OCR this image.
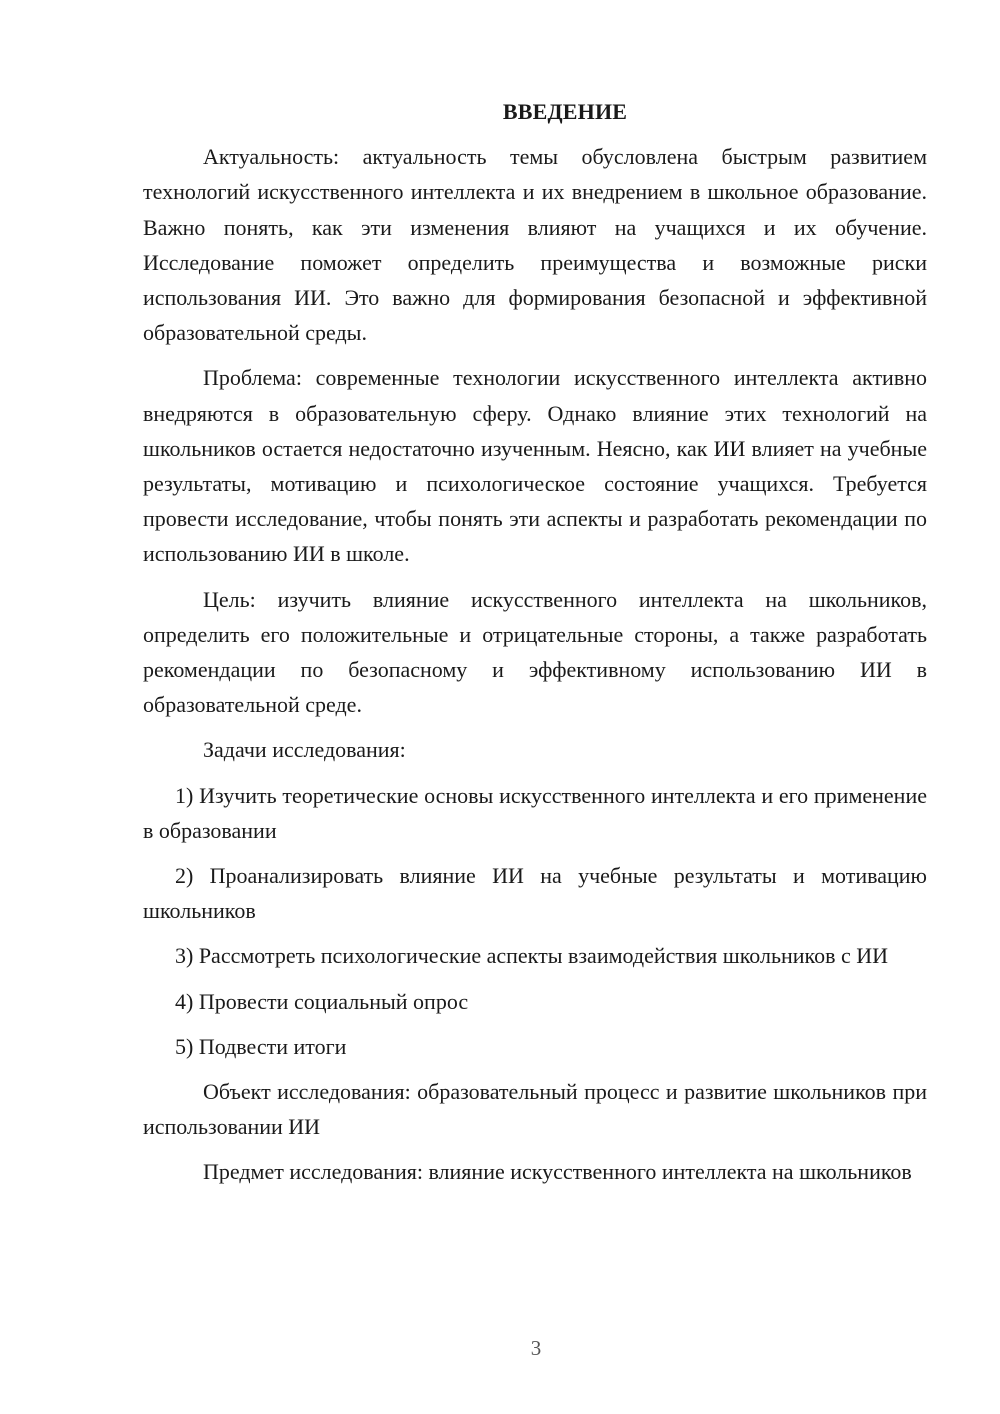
ВВЕДЕНИЕ

Актуальность: актуальность темы обусловлена быстрым развитием технологий искусственного интеллекта и их внедрением в школьное образование. Важно понять, как эти изменения влияют на учащихся и их обучение. Исследование поможет определить преимущества и возможные риски использования ИИ. Это важно для формирования безопасной и эффективной образовательной среды.

Проблема: современные технологии искусственного интеллекта активно внедряются в образовательную сферу. Однако влияние этих технологий на школьников остается недостаточно изученным. Неясно, как ИИ влияет на учебные результаты, мотивацию и психологическое состояние учащихся. Требуется провести исследование, чтобы понять эти аспекты и разработать рекомендации по использованию ИИ в школе.

Цель: изучить влияние искусственного интеллекта на школьников, определить его положительные и отрицательные стороны, а также разработать рекомендации по безопасному и эффективному использованию ИИ в образовательной среде.

Задачи исследования:

1) Изучить теоретические основы искусственного интеллекта и его применение в образовании

2) Проанализировать влияние ИИ на учебные результаты и мотивацию школьников

3) Рассмотреть психологические аспекты взаимодействия школьников с ИИ

4) Провести социальный опрос

5) Подвести итоги

Объект исследования: образовательный процесс и развитие школьников при использовании ИИ

Предмет исследования: влияние искусственного интеллекта на школьников

3
